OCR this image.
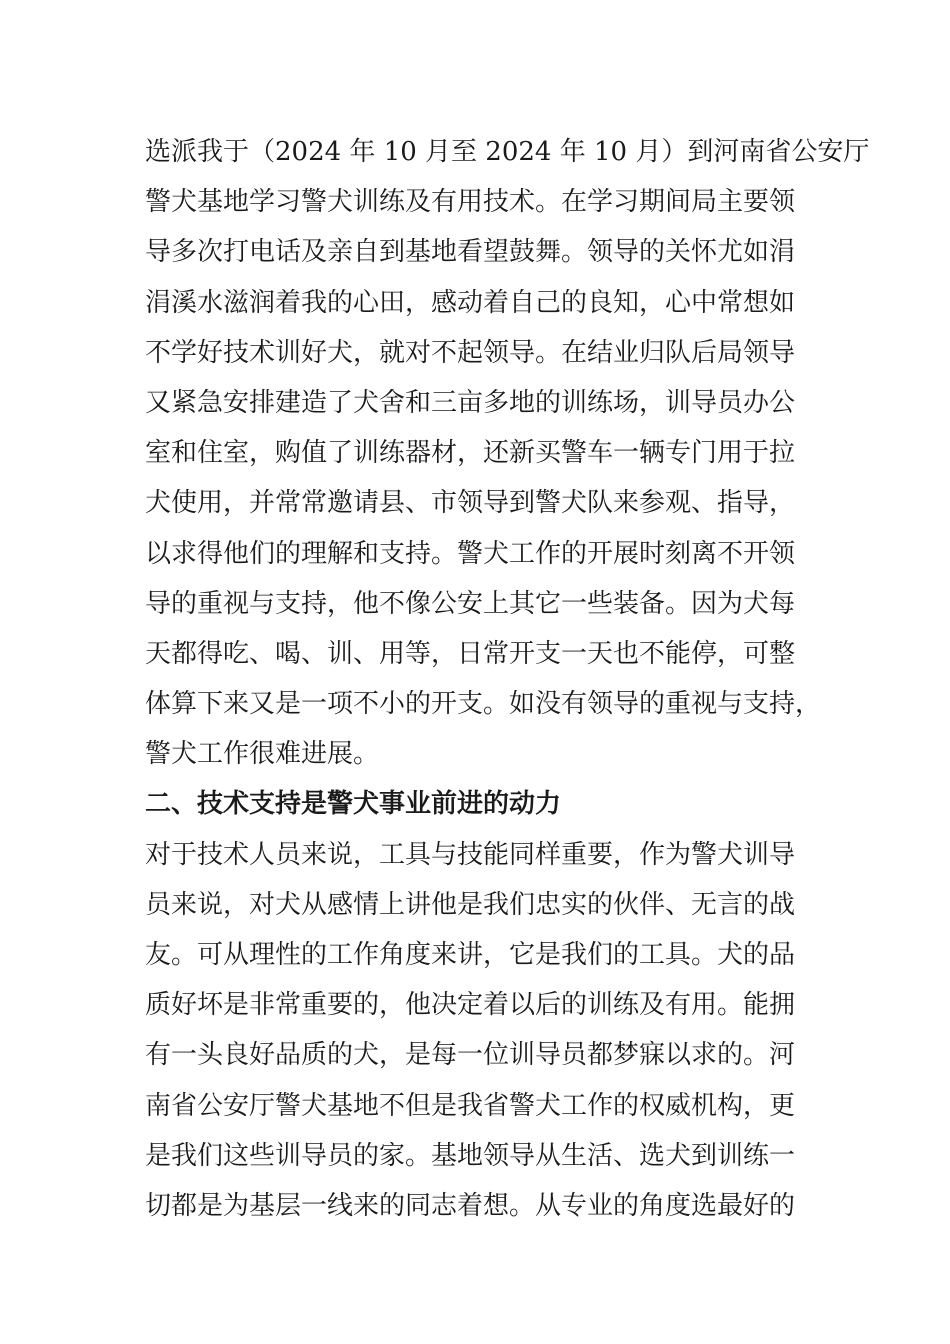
选派我于（2024 年 10 月至 2024 年 10 月）到河南省公安厅
警犬基地学习警犬训练及有用技术。在学习期间局主要领
导多次打电话及亲自到基地看望鼓舞。领导的关怀尤如涓
涓溪水滋润着我的心田，感动着自己的良知，心中常想如
不学好技术训好犬，就对不起领导。在结业归队后局领导
又紧急安排建造了犬舍和三亩多地的训练场，训导员办公
室和住室，购值了训练器材，还新买警车一辆专门用于拉
犬使用，并常常邀请县、市领导到警犬队来参观、指导，
以求得他们的理解和支持。警犬工作的开展时刻离不开领
导的重视与支持，他不像公安上其它一些装备。因为犬每
天都得吃、喝、训、用等，日常开支一天也不能停，可整
体算下来又是一项不小的开支。如没有领导的重视与支持，
警犬工作很难进展。
二、技术支持是警犬事业前进的动力
对于技术人员来说，工具与技能同样重要，作为警犬训导
员来说，对犬从感情上讲他是我们忠实的伙伴、无言的战
友。可从理性的工作角度来讲，它是我们的工具。犬的品
质好坏是非常重要的，他决定着以后的训练及有用。能拥
有一头良好品质的犬，是每一位训导员都梦寐以求的。河
南省公安厅警犬基地不但是我省警犬工作的权威机构，更
是我们这些训导员的家。基地领导从生活、选犬到训练一
切都是为基层一线来的同志着想。从专业的角度选最好的
